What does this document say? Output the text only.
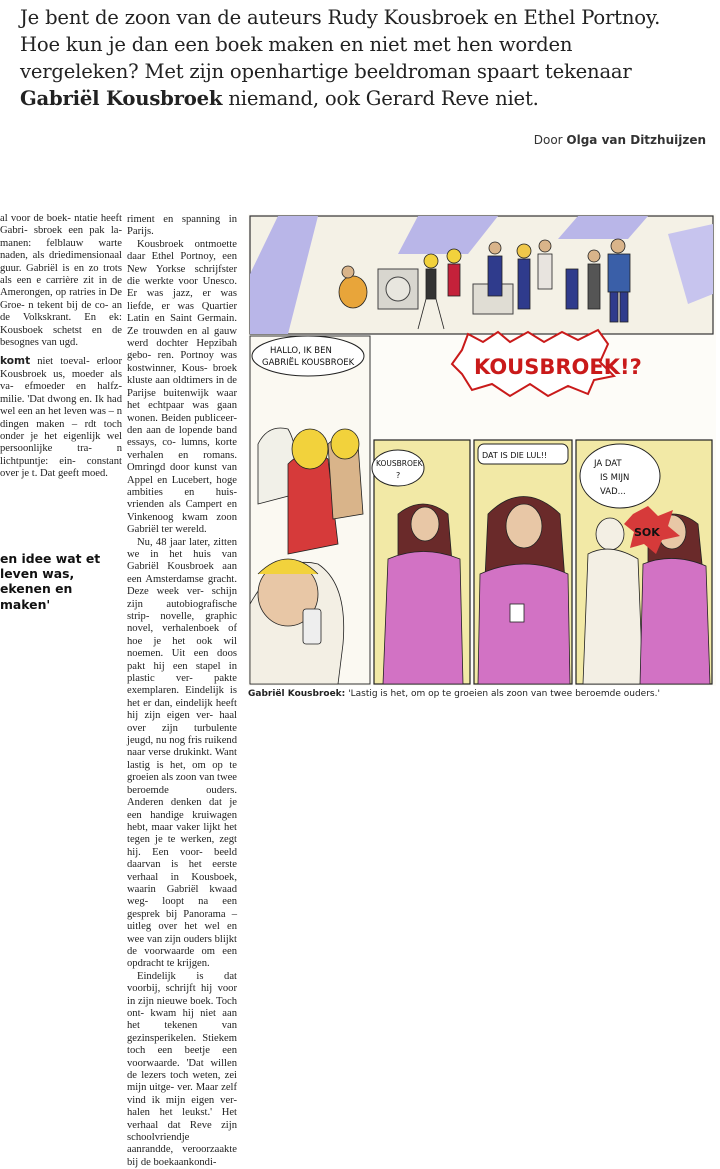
Je bent de zoon van de auteurs Rudy Kousbroek en Ethel Portnoy.
Hoe kun je dan een boek maken en niet met hen worden
vergeleken? Met zijn openhartige beeldroman spaart tekenaar
Gabriël Kousbroek niemand, ook Gerard Reve niet.
Door Olga van Ditzhuijzen

al voor de boek- ntatie heeft Gabri- sbroek een pak la- manen: felblauw warte naden, als driedimensionaal guur. Gabriël is en zo trots als een e carrière zit in de Amerongen, op ratries in De Groe- n tekent bij de co- an de Volkskrant. En ek: Kousboek schetst en de besognes van ugd.

komt niet toeval- erloor Kousbroek us, moeder als va- efmoeder en halfz- milie. 'Dat dwong en. Ik had wel een an het leven was – n dingen maken – rdt toch onder je het eigenlijk wel persoonlijke tra- n lichtpuntje: ein- constant over je t. Dat geeft moed.

en idee wat et leven was, ekenen en maken'

riment en spanning in Parijs.

Kousbroek ontmoette daar Ethel Portnoy, een New Yorkse schrijfster die werkte voor Unesco. Er was jazz, er was liefde, er was Quartier Latin en Saint Germain. Ze trouwden en al gauw werd dochter Hepzibah gebo- ren. Portnoy was kostwinner, Kous- broek kluste aan oldtimers in de Parijse buitenwijk waar het echtpaar was gaan wonen. Beiden publiceer- den aan de lopende band essays, co- lumns, korte verhalen en romans. Omringd door kunst van Appel en Lucebert, hoge ambities en huis- vrienden als Campert en Vinkenoog kwam zoon Gabriël ter wereld.

Nu, 48 jaar later, zitten we in het huis van Gabriël Kousbroek aan een Amsterdamse gracht. Deze week ver- schijn zijn autobiografische strip- novelle, graphic novel, verhalenboek of hoe je het ook wil noemen. Uit een doos pakt hij een stapel in plastic ver- pakte exemplaren. Eindelijk is het er dan, eindelijk heeft hij zijn eigen ver- haal over zijn turbulente jeugd, nu nog fris ruikend naar verse drukinkt. Want lastig is het, om op te groeien als zoon van twee beroemde ouders. Anderen denken dat je een handige kruiwagen hebt, maar vaker lijkt het tegen je te werken, zegt hij. Een voor- beeld daarvan is het eerste verhaal in Kousboek, waarin Gabriël kwaad weg- loopt na een gesprek bij Panorama – uitleg over het wel en wee van zijn ouders blijkt de voorwaarde om een opdracht te krijgen.

Eindelijk is dat voorbij, schrijft hij voor in zijn nieuwe boek. Toch ont- kwam hij niet aan het tekenen van gezinsperikelen. Stiekem toch een beetje een voorwaarde. 'Dat willen de lezers toch weten, zei mijn uitge- ver. Maar zelf vind ik mijn eigen ver- halen het leukst.' Het verhaal dat Reve zijn schoolvriendje aanrandde, veroorzaakte bij de boekaankondi-

HALLO, IK BEN
GABRIËL KOUSBROEK	KOUSBROEK!?
KOUSBROEK
?
DAT IS DIE LUL!!
JA DAT
IS MIJN
VAD...
SOK
Gabriël Kousbroek: 'Lastig is het, om op te groeien als zoon van twee beroemde ouders.'
